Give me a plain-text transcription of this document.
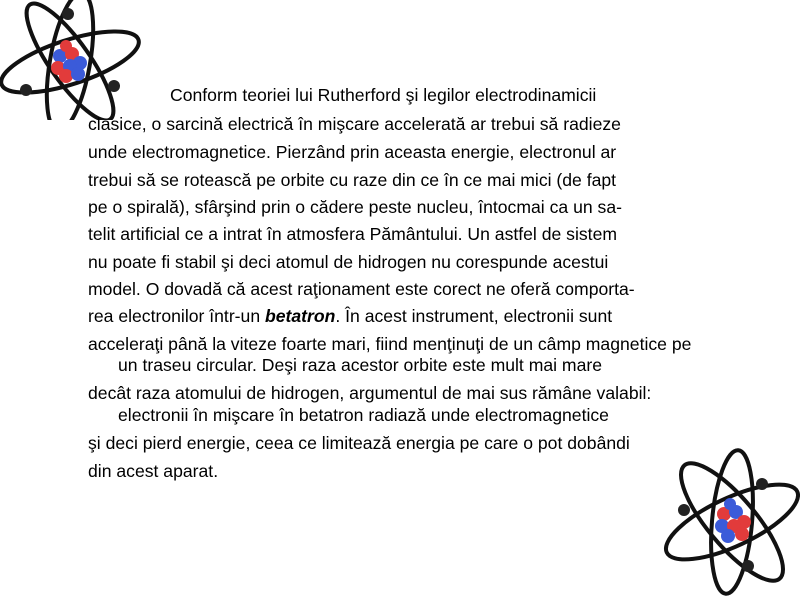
Conform teoriei lui Rutherford şi legilor electrodinamicii
clasice, o sarcină electrică în mişcare accelerată ar trebui să radieze
unde electromagnetice. Pierzând prin aceasta energie, electronul ar
trebui să se rotească pe orbite cu raze din ce în ce mai mici (de fapt
pe o spirală), sfârşind prin o cădere peste nucleu, întocmai ca un sa-
telit artificial ce a intrat în atmosfera Pământului. Un astfel de sistem
nu poate fi stabil şi deci atomul de hidrogen nu corespunde acestui
model. O dovadă că acest raţionament este corect ne oferă comporta-
rea electronilor într-un betatron. În acest instrument, electronii sunt
acceleraţi până la viteze foarte mari, fiind menţinuţi de un câmp magnetice pe
un traseu circular. Deşi raza acestor orbite este mult mai mare
decât raza atomului de hidrogen, argumentul de mai sus rămâne valabil:
electronii în mişcare în betatron radiază unde electromagnetice
şi deci pierd energie, ceea ce limitează energia pe care o pot dobândi
din acest aparat.
